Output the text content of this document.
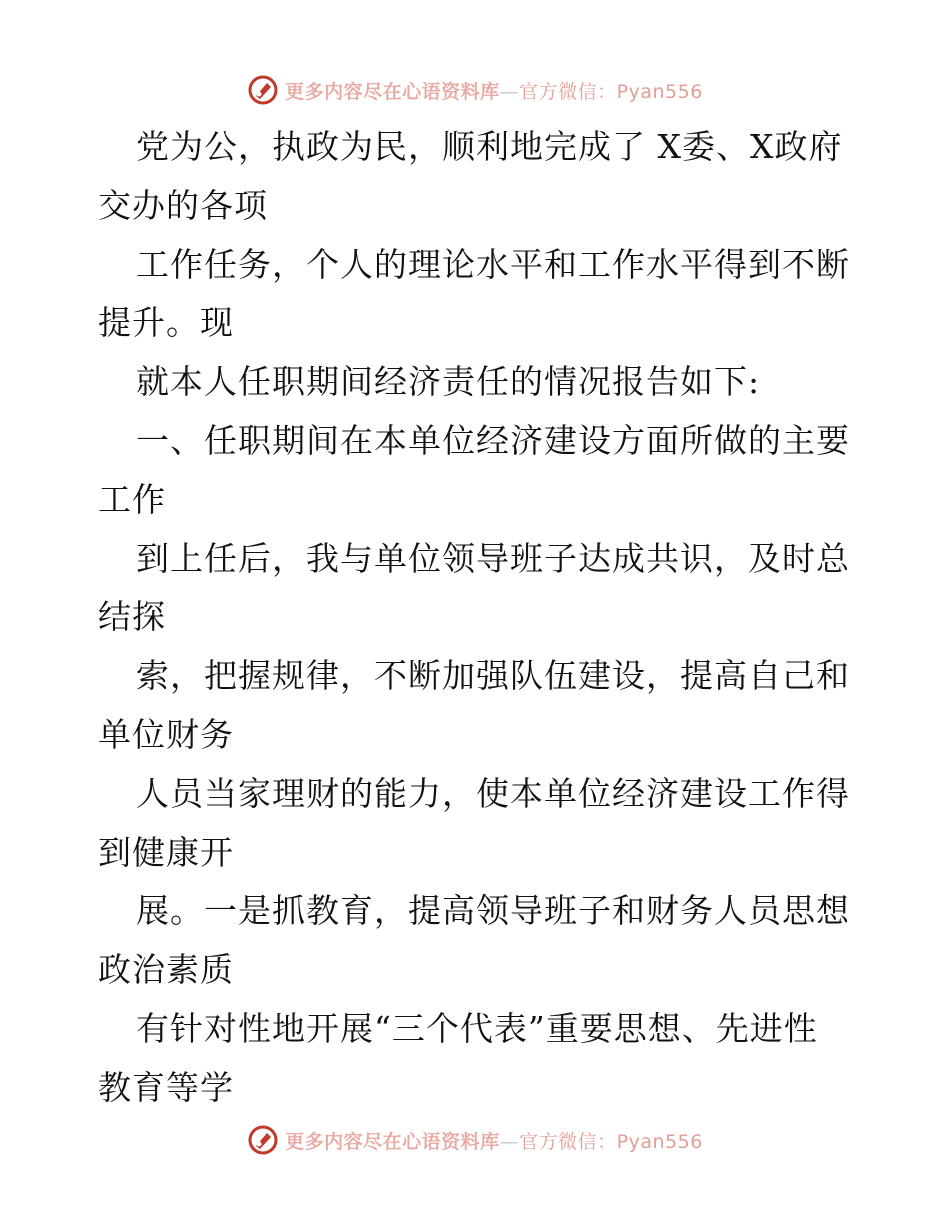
更多内容尽在心语资料库—官方微信：Pyan556
党为公，执政为民，顺利地完成了 X委、X政府
交办的各项
工作任务，个人的理论水平和工作水平得到不断
提升。现
就本人任职期间经济责任的情况报告如下:
一、任职期间在本单位经济建设方面所做的主要
工作
到上任后，我与单位领导班子达成共识，及时总
结探
索，把握规律，不断加强队伍建设，提高自己和
单位财务
人员当家理财的能力，使本单位经济建设工作得
到健康开
展。一是抓教育，提高领导班子和财务人员思想
政治素质
有针对性地开展“三个代表”重要思想、先进性
教育等学
更多内容尽在心语资料库—官方微信：Pyan556
